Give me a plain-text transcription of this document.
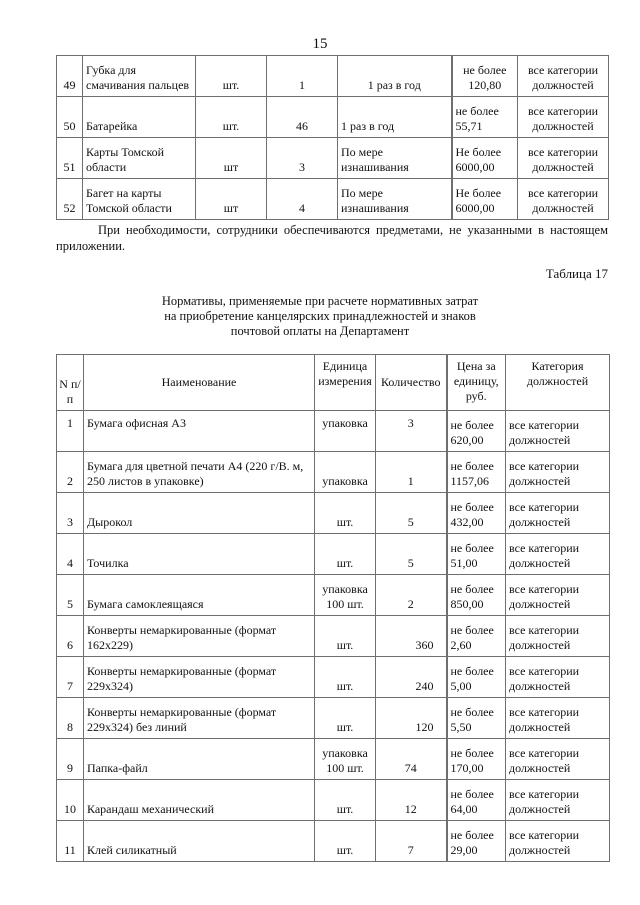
15
49	Губка для смачивания пальцев	шт.	1	1 раз в год	не более 120,80	все категории должностей
50	Батарейка	шт.	46	1 раз в год	не более 55,71	все категории должностей
51	Карты Томской области	шт	3	По мере изнашивания	Не более 6000,00	все категории должностей
52	Багет на карты Томской области	шт	4	По мере изнашивания	Не более 6000,00	все категории должностей
При необходимости, сотрудники обеспечиваются предметами, не указанными в настоящем приложении.
Таблица 17
Нормативы, применяемые при расчете нормативных затрат
на приобретение канцелярских принадлежностей и знаков
почтовой оплаты на Департамент
N п/п	Наименование	Единица измерения	Количество	Цена за единицу, руб.	Категория должностей
1	Бумага офисная А3	упаковка	3	не более 620,00	все категории должностей
2	Бумага для цветной печати А4 (220 г/В. м, 250 листов в упаковке)	упаковка	1	не более 1157,06	все категории должностей
3	Дырокол	шт.	5	не более 432,00	все категории должностей
4	Точилка	шт.	5	не более 51,00	все категории должностей
5	Бумага самоклеящаяся	упаковка 100 шт.	2	не более 850,00	все категории должностей
6	Конверты немаркированные (формат 162x229)	шт.	360	не более 2,60	все категории должностей
7	Конверты немаркированные (формат 229x324)	шт.	240	не более 5,00	все категории должностей
8	Конверты немаркированные (формат 229x324) без линий	шт.	120	не более 5,50	все категории должностей
9	Папка-файл	упаковка 100 шт.	74	не более 170,00	все категории должностей
10	Карандаш механический	шт.	12	не более 64,00	все категории должностей
11	Клей силикатный	шт.	7	не более 29,00	все категории должностей
